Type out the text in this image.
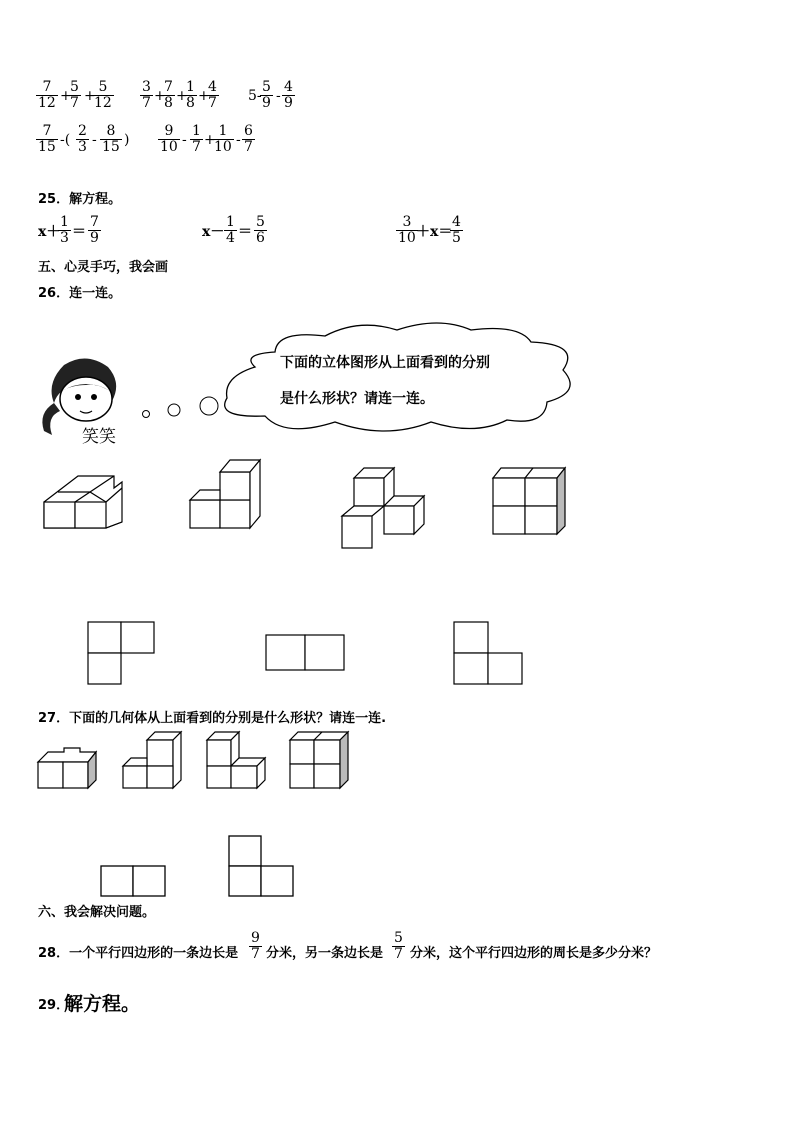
$\frac{7}{12}$ +
$\frac{5}{7}$ +
$\frac{5}{12} \frac{3}{7}$ +
$\frac{7}{8}$ +
$\frac{1}{8}$ +
$\frac{4}{7} 5-$
$\frac{5}{9} - \frac{4}{9}$
$\frac{7}{15}$ -( $\frac{2}{3} - \frac{8}{15}$ ) $\frac{9}{10} - \frac{1}{7}$ +
$\frac{1}{10} - \frac{6}{7}$
25．解方程。
x＋
$\frac{1}{3} = \frac{7}{9}$	$x- \frac{1}{4} = \frac{5}{6}$	$\frac{3}{10}$
＋x＝
$\frac{4}{5}$
五、心灵手巧，我会画
26．连一连。
笑笑
下面的立体图形从上面看到的分别
是什么形状？请连一连。
27．下面的几何体从上面看到的分别是什么形状？请连一连.
六、我会解决问题。
28．一个平行四边形的一条边长是 $\frac{9}{7}$ 分米，另一条边长是 $\frac{5}{7}$ 分米，这个平行四边形的周长是多少分米？
29．
解方程。
